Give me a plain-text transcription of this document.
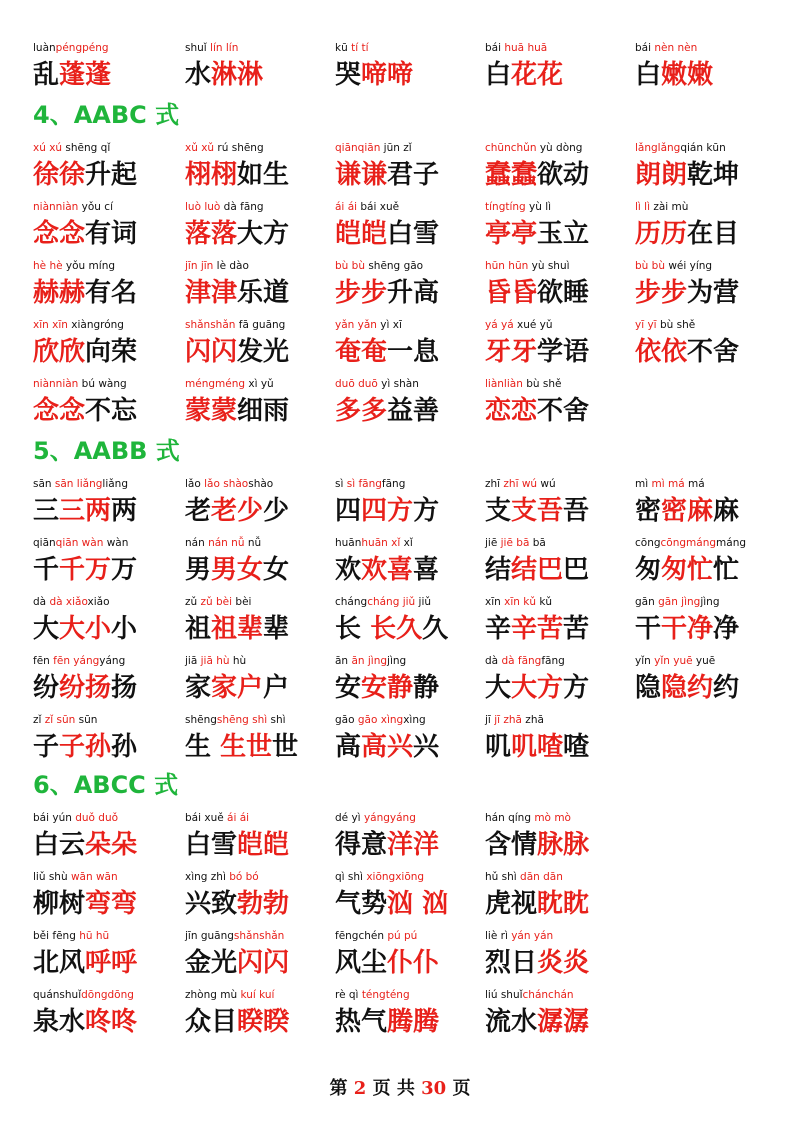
luànpéngpéng
乱蓬蓬
shuǐ lín lín
水淋淋
kū tí tí
哭啼啼
bái huā huā
白花花
bái nèn nèn
白嫩嫩
4、AABC 式
xú xú shēng qǐ
徐徐升起
xǔ xǔ rú shēng
栩栩如生
qiānqiān jūn zǐ
谦谦君子
chūnchǔn yù dòng
蠢蠢欲动
lǎnglǎngqián kūn
朗朗乾坤
niànniàn yǒu cí
念念有词
luò luò dà fāng
落落大方
ái ái bái xuě
皑皑白雪
tíngtíng yù lì
亭亭玉立
lì lì zài mù
历历在目
hè hè yǒu míng
赫赫有名
jīn jīn lè dào
津津乐道
bù bù shēng gāo
步步升高
hūn hūn yù shuì
昏昏欲睡
bù bù wéi yíng
步步为营
xīn xīn xiàngróng
欣欣向荣
shǎnshǎn fā guāng
闪闪发光
yǎn yǎn yì xī
奄奄一息
yá yá xué yǔ
牙牙学语
yī yī bù shě
依依不舍
niànniàn bú wàng
念念不忘
méngméng xì yǔ
蒙蒙细雨
duō duō yì shàn
多多益善
liànliàn bù shě
恋恋不舍
5、AABB 式
sān sān liǎngliǎng
三三两两
lǎo lǎo shàoshào
老老少少
sì sì fāngfāng
四四方方
zhī zhī wú wú
支支吾吾
mì mì má má
密密麻麻
qiānqiān wàn wàn
千千万万
nán nán nǚ nǚ
男男女女
huānhuān xǐ xǐ
欢欢喜喜
jiē jiē bā bā
结结巴巴
cōngcōngmángmáng
匆匆忙忙
dà dà xiǎoxiǎo
大大小小
zǔ zǔ bèi bèi
祖祖辈辈
chángcháng jiǔ jiǔ
长 长久久
xīn xīn kǔ kǔ
辛辛苦苦
gān gān jìngjìng
干干净净
fēn fēn yángyáng
纷纷扬扬
jiā jiā hù hù
家家户户
ān ān jìngjìng
安安静静
dà dà fāngfāng
大大方方
yǐn yǐn yuē yuē
隐隐约约
zǐ zǐ sūn sūn
子子孙孙
shēngshēng shì shì
生 生世世
gāo gāo xìngxìng
高高兴兴
jī jī zhā zhā
叽叽喳喳
6、ABCC 式
bái yún duǒ duǒ
白云朵朵
bái xuě ái ái
白雪皑皑
dé yì yángyáng
得意洋洋
hán qíng mò mò
含情脉脉
liǔ shù wān wān
柳树弯弯
xìng zhì bó bó
兴致勃勃
qì shì xiōngxiōng
气势汹 汹
hǔ shì dān dān
虎视眈眈
běi fēng hū hū
北风呼呼
jīn guāngshǎnshǎn
金光闪闪
fēngchén pú pú
风尘仆仆
liè rì yán yán
烈日炎炎
quánshuǐdōngdōng
泉水咚咚
zhòng mù kuí kuí
众目睽睽
rè qì téngténg
热气腾腾
liú shuǐchánchán
流水潺潺
第 2 页 共 30 页
